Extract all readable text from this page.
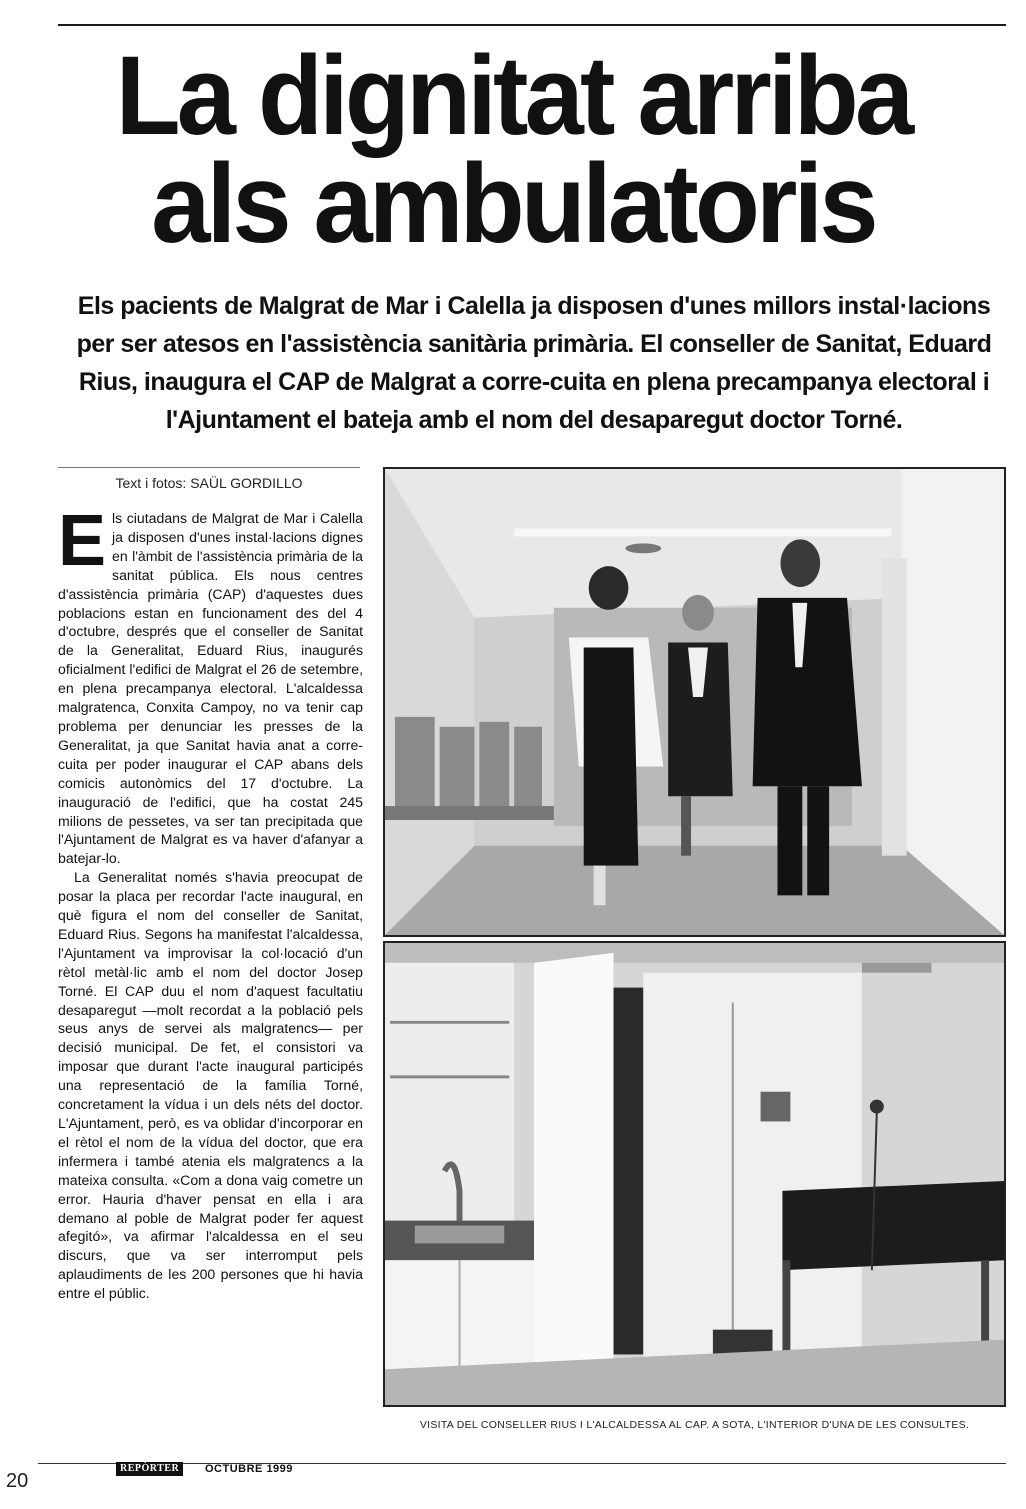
La dignitat arriba
als ambulatoris
Els pacients de Malgrat de Mar i Calella ja disposen d'unes millors instal·lacions per ser atesos en l'assistència sanitària primària. El conseller de Sanitat, Eduard Rius, inaugura el CAP de Malgrat a corre-cuita en plena precampanya electoral i l'Ajuntament el bateja amb el nom del desaparegut doctor Torné.
Text i fotos: SAÜL GORDILLO

Els ciutadans de Malgrat de Mar i Calella ja disposen d'unes instal·lacions dignes en l'àmbit de l'assistència primària de la sanitat pública. Els nous centres d'assistència primària (CAP) d'aquestes dues poblacions estan en funcionament des del 4 d'octubre, després que el conseller de Sanitat de la Generalitat, Eduard Rius, inaugurés oficialment l'edifici de Malgrat el 26 de setembre, en plena precampanya electoral. L'alcaldessa malgratenca, Conxita Campoy, no va tenir cap problema per denunciar les presses de la Generalitat, ja que Sanitat havia anat a corre-cuita per poder inaugurar el CAP abans dels comicis autonòmics del 17 d'octubre. La inauguració de l'edifici, que ha costat 245 milions de pessetes, va ser tan precipitada que l'Ajuntament de Malgrat es va haver d'afanyar a batejar-lo.

La Generalitat només s'havia preocupat de posar la placa per recordar l'acte inaugural, en què figura el nom del conseller de Sanitat, Eduard Rius. Segons ha manifestat l'alcaldessa, l'Ajuntament va improvisar la col·locació d'un rètol metàl·lic amb el nom del doctor Josep Torné. El CAP duu el nom d'aquest facultatiu desaparegut —molt recordat a la població pels seus anys de servei als malgratencs— per decisió municipal. De fet, el consistori va imposar que durant l'acte inaugural participés una representació de la família Torné, concretament la vídua i un dels néts del doctor. L'Ajuntament, però, es va oblidar d'incorporar en el rètol el nom de la vídua del doctor, que era infermera i també atenia els malgratencs a la mateixa consulta. «Com a dona vaig cometre un error. Hauria d'haver pensat en ella i ara demano al poble de Malgrat poder fer aquest afegitó», va afirmar l'alcaldessa en el seu discurs, que va ser interromput pels aplaudiments de les 200 persones que hi havia entre el públic.

VISITA DEL CONSELLER RIUS I L'ALCALDESSA AL CAP. A SOTA, L'INTERIOR D'UNA DE LES CONSULTES.
20
REPÒRTER	OCTUBRE 1999
